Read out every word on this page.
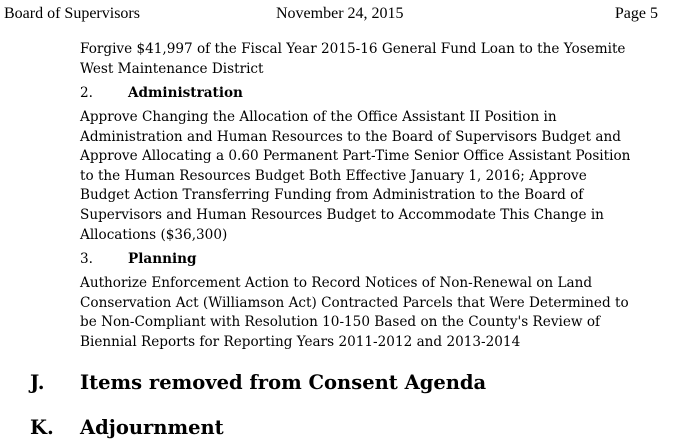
Board of Supervisors	November 24, 2015	Page 5
Forgive $41,997 of the Fiscal Year 2015-16 General Fund Loan to the Yosemite
West Maintenance District
2.	Administration
Approve Changing the Allocation of the Office Assistant II Position in
Administration and Human Resources to the Board of Supervisors Budget and
Approve Allocating a 0.60 Permanent Part-Time Senior Office Assistant Position
to the Human Resources Budget Both Effective January 1, 2016; Approve
Budget Action Transferring Funding from Administration to the Board of
Supervisors and Human Resources Budget to Accommodate This Change in
Allocations ($36,300)
3.	Planning
Authorize Enforcement Action to Record Notices of Non-Renewal on Land
Conservation Act (Williamson Act) Contracted Parcels that Were Determined to
be Non-Compliant with Resolution 10-150 Based on the County's Review of
Biennial Reports for Reporting Years 2011-2012 and 2013-2014
J. Items removed from Consent Agenda
K. Adjournment
